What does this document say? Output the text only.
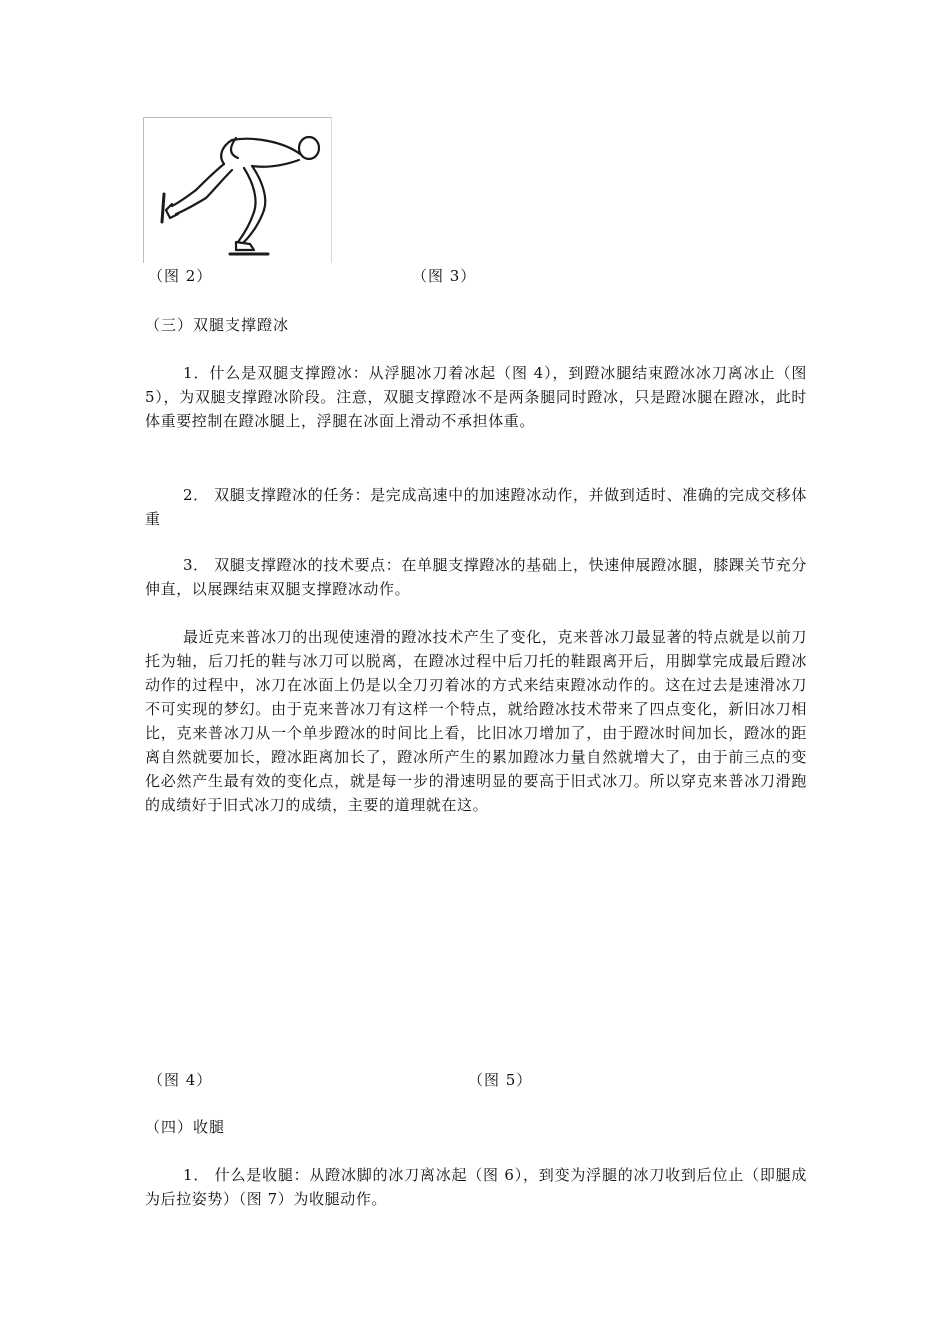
（图 2）	（图 3）
（三）双腿支撑蹬冰

1．什么是双腿支撑蹬冰：从浮腿冰刀着冰起（图 4），到蹬冰腿结束蹬冰冰刀离冰止（图 5），为双腿支撑蹬冰阶段。注意，双腿支撑蹬冰不是两条腿同时蹬冰，只是蹬冰腿在蹬冰，此时体重要控制在蹬冰腿上，浮腿在冰面上滑动不承担体重。

2． 双腿支撑蹬冰的任务：是完成高速中的加速蹬冰动作，并做到适时、准确的完成交移体重

3． 双腿支撑蹬冰的技术要点：在单腿支撑蹬冰的基础上，快速伸展蹬冰腿，膝踝关节充分伸直，以展踝结束双腿支撑蹬冰动作。

最近克来普冰刀的出现使速滑的蹬冰技术产生了变化，克来普冰刀最显著的特点就是以前刀托为轴，后刀托的鞋与冰刀可以脱离，在蹬冰过程中后刀托的鞋跟离开后，用脚掌完成最后蹬冰动作的过程中，冰刀在冰面上仍是以全刀刃着冰的方式来结束蹬冰动作的。这在过去是速滑冰刀不可实现的梦幻。由于克来普冰刀有这样一个特点，就给蹬冰技术带来了四点变化，新旧冰刀相比，克来普冰刀从一个单步蹬冰的时间比上看，比旧冰刀增加了，由于蹬冰时间加长，蹬冰的距离自然就要加长，蹬冰距离加长了，蹬冰所产生的累加蹬冰力量自然就增大了，由于前三点的变化必然产生最有效的变化点，就是每一步的滑速明显的要高于旧式冰刀。所以穿克来普冰刀滑跑的成绩好于旧式冰刀的成绩，主要的道理就在这。

（图 4）	（图 5）
（四）收腿

1． 什么是收腿：从蹬冰脚的冰刀离冰起（图 6），到变为浮腿的冰刀收到后位止（即腿成为后拉姿势）（图 7）为收腿动作。
